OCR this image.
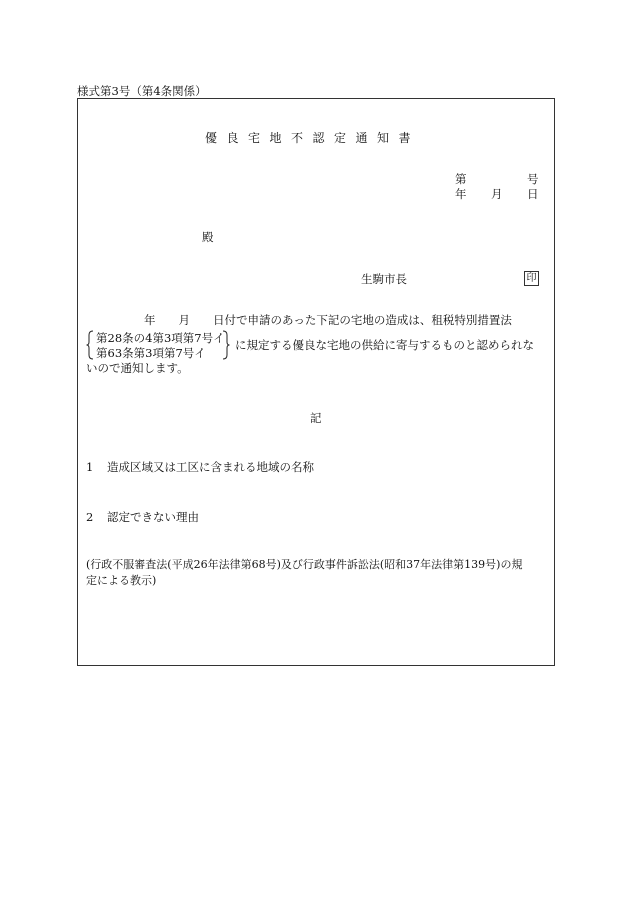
様式第3号（第4条関係）
優良宅地不認定通知書
第	号
年 月 日
殿
生駒市長	印
年　　月　　日付で申請のあった下記の宅地の造成は、租税特別措置法
第28条の4第3項第7号イ
第63条第3項第7号イ
に規定する優良な宅地の供給に寄与するものと認められな
いので通知します。
記
1 造成区域又は工区に含まれる地域の名称
2 認定できない理由
(行政不服審査法(平成26年法律第68号)及び行政事件訴訟法(昭和37年法律第139号)の規
定による教示)
